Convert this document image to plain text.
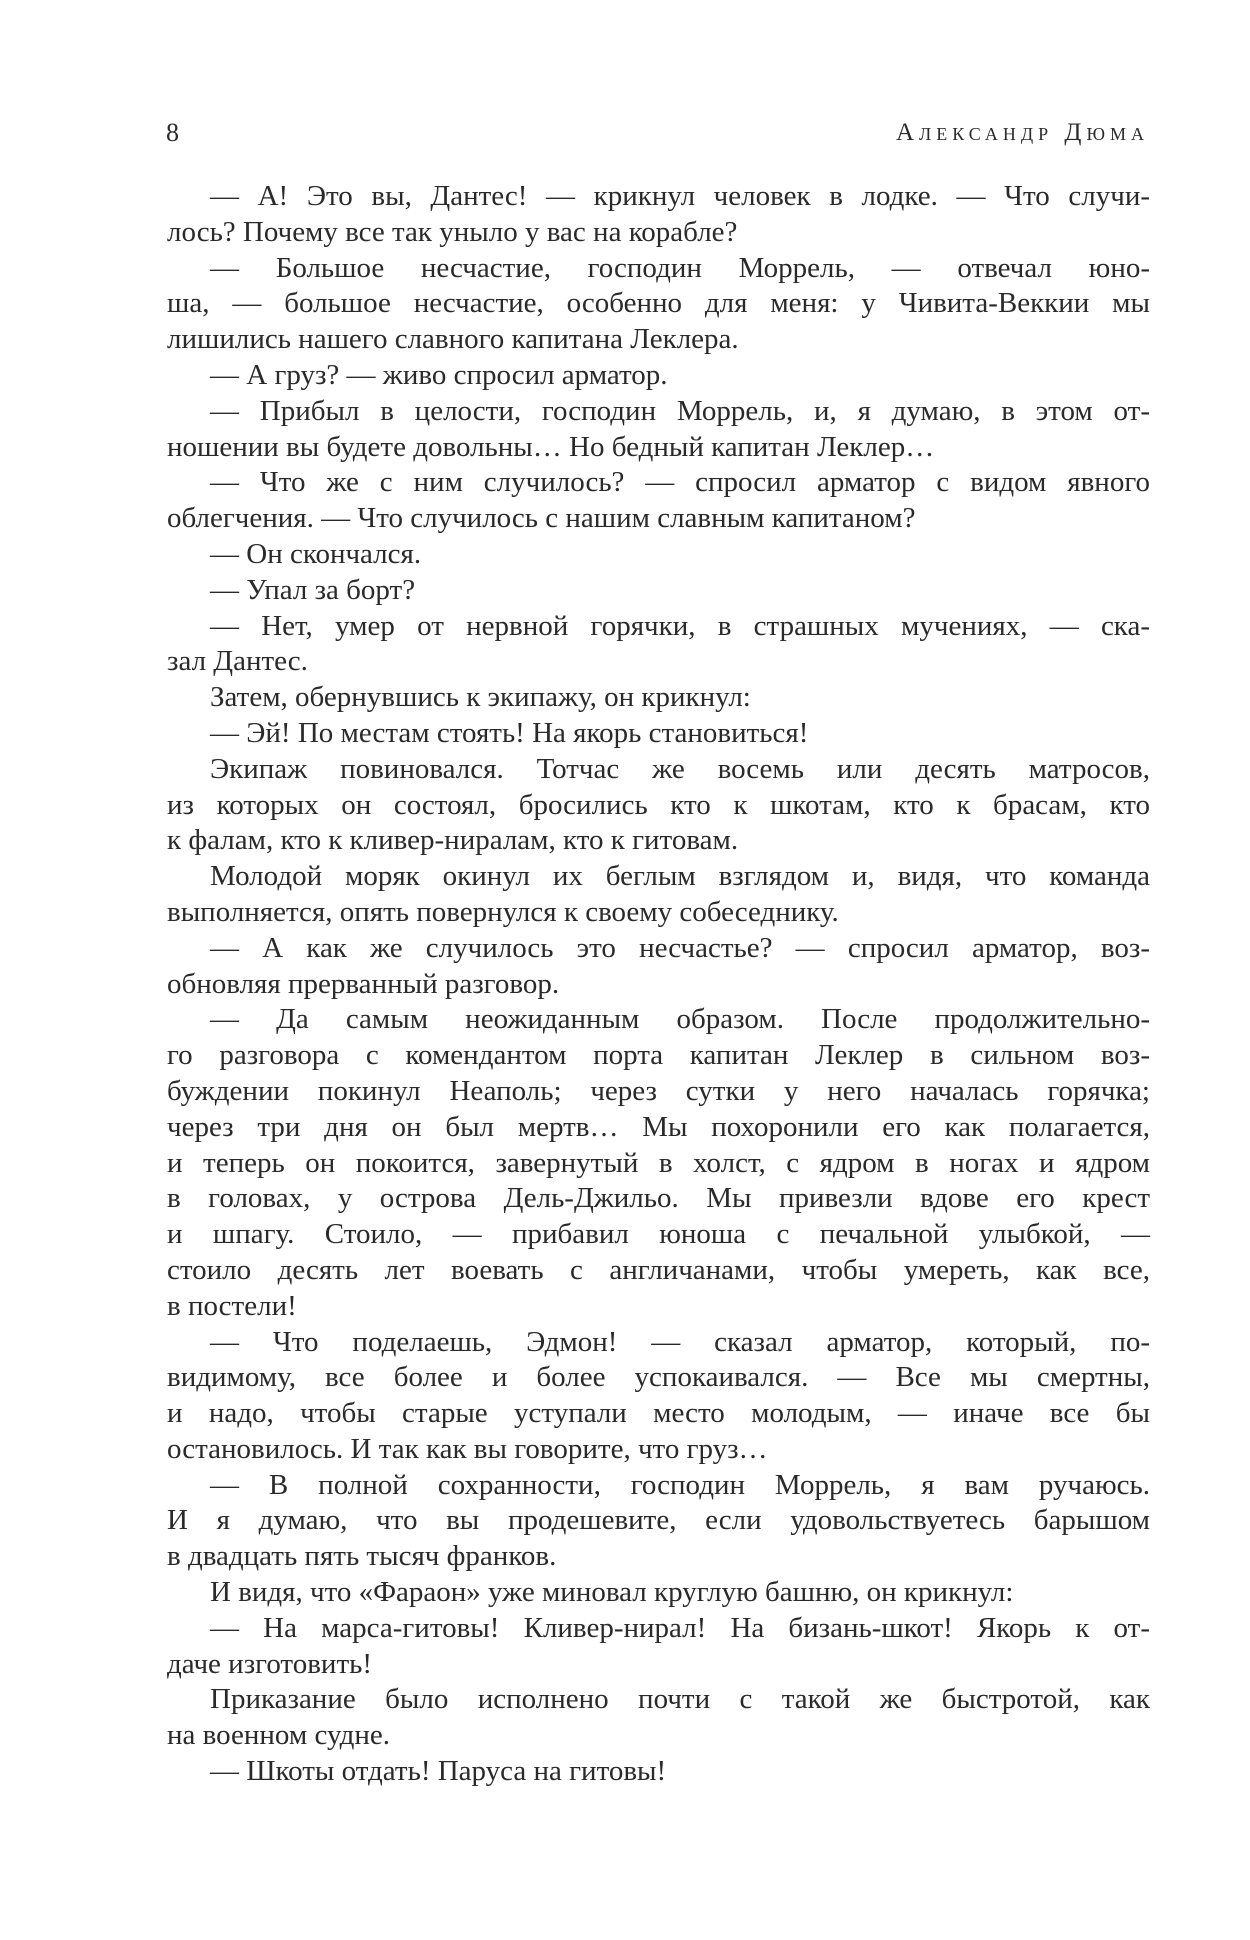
8	Александр Дюма
— А! Это вы, Дантес! — крикнул человек в лодке. — Что случи-
лось? Почему все так уныло у вас на корабле?
— Большое несчастие, господин Моррель, — отвечал юно-
ша, — большое несчастие, особенно для меня: у Чивита-Веккии мы
лишились нашего славного капитана Леклера.
— А груз? — живо спросил арматор.
— Прибыл в целости, господин Моррель, и, я думаю, в этом от-
ношении вы будете довольны… Но бедный капитан Леклер…
— Что же с ним случилось? — спросил арматор с видом явного
облегчения. — Что случилось с нашим славным капитаном?
— Он скончался.
— Упал за борт?
— Нет, умер от нервной горячки, в страшных мучениях, — ска-
зал Дантес.
Затем, обернувшись к экипажу, он крикнул:
— Эй! По местам стоять! На якорь становиться!
Экипаж повиновался. Тотчас же восемь или десять матросов,
из которых он состоял, бросились кто к шкотам, кто к брасам, кто
к фалам, кто к кливер-ниралам, кто к гитовам.
Молодой моряк окинул их беглым взглядом и, видя, что команда
выполняется, опять повернулся к своему собеседнику.
— А как же случилось это несчастье? — спросил арматор, воз-
обновляя прерванный разговор.
— Да самым неожиданным образом. После продолжительно-
го разговора с комендантом порта капитан Леклер в сильном воз-
буждении покинул Неаполь; через сутки у него началась горячка;
через три дня он был мертв… Мы похоронили его как полагается,
и теперь он покоится, завернутый в холст, с ядром в ногах и ядром
в головах, у острова Дель-Джильо. Мы привезли вдове его крест
и шпагу. Стоило, — прибавил юноша с печальной улыбкой, —
стоило десять лет воевать с англичанами, чтобы умереть, как все,
в постели!
— Что поделаешь, Эдмон! — сказал арматор, который, по-
видимому, все более и более успокаивался. — Все мы смертны,
и надо, чтобы старые уступали место молодым, — иначе все бы
остановилось. И так как вы говорите, что груз…
— В полной сохранности, господин Моррель, я вам ручаюсь.
И я думаю, что вы продешевите, если удовольствуетесь барышом
в двадцать пять тысяч франков.
И видя, что «Фараон» уже миновал круглую башню, он крикнул:
— На марса-гитовы! Кливер-нирал! На бизань-шкот! Якорь к от-
даче изготовить!
Приказание было исполнено почти с такой же быстротой, как
на военном судне.
— Шкоты отдать! Паруса на гитовы!
